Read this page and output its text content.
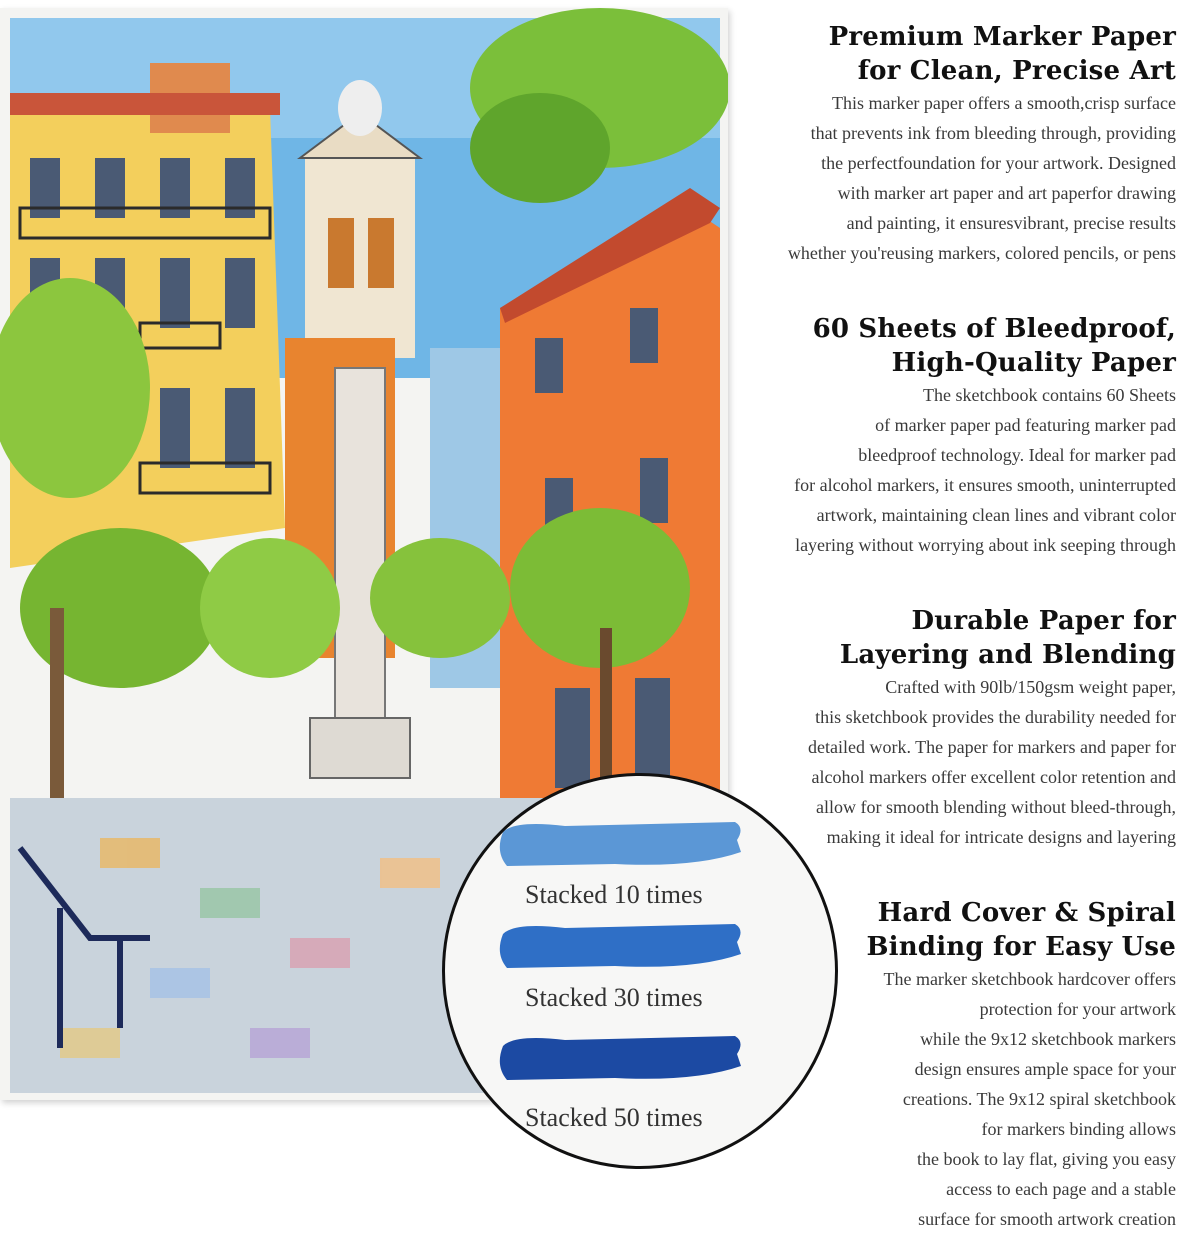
Premium Marker Paper
for Clean, Precise Art

This marker paper offers a smooth,crisp surface
that prevents ink from bleeding through, providing
the perfectfoundation for your artwork. Designed
with marker art paper and art paperfor drawing
and painting, it ensuresvibrant, precise results
whether you'reusing markers, colored pencils, or pens

60 Sheets of Bleedproof,
High-Quality Paper

The sketchbook contains 60 Sheets
of marker paper pad featuring marker pad
bleedproof technology. Ideal for marker pad
for alcohol markers, it ensures smooth, uninterrupted
artwork, maintaining clean lines and vibrant color
layering without worrying about ink seeping through

Durable Paper for
Layering and Blending

Crafted with 90lb/150gsm weight paper,
this sketchbook provides the durability needed for
detailed work. The paper for markers and paper for
alcohol markers offer excellent color retention and
allow for smooth blending without bleed-through,
making it ideal for intricate designs and layering

Hard Cover & Spiral
Binding for Easy Use

The marker sketchbook hardcover offers
protection for your artwork
while the 9x12 sketchbook markers
design ensures ample space for your
creations. The 9x12 spiral sketchbook
for markers binding allows
the book to lay flat, giving you easy
access to each page and a stable
surface for smooth artwork creation

Stacked 10 times
Stacked 30 times
Stacked 50 times
